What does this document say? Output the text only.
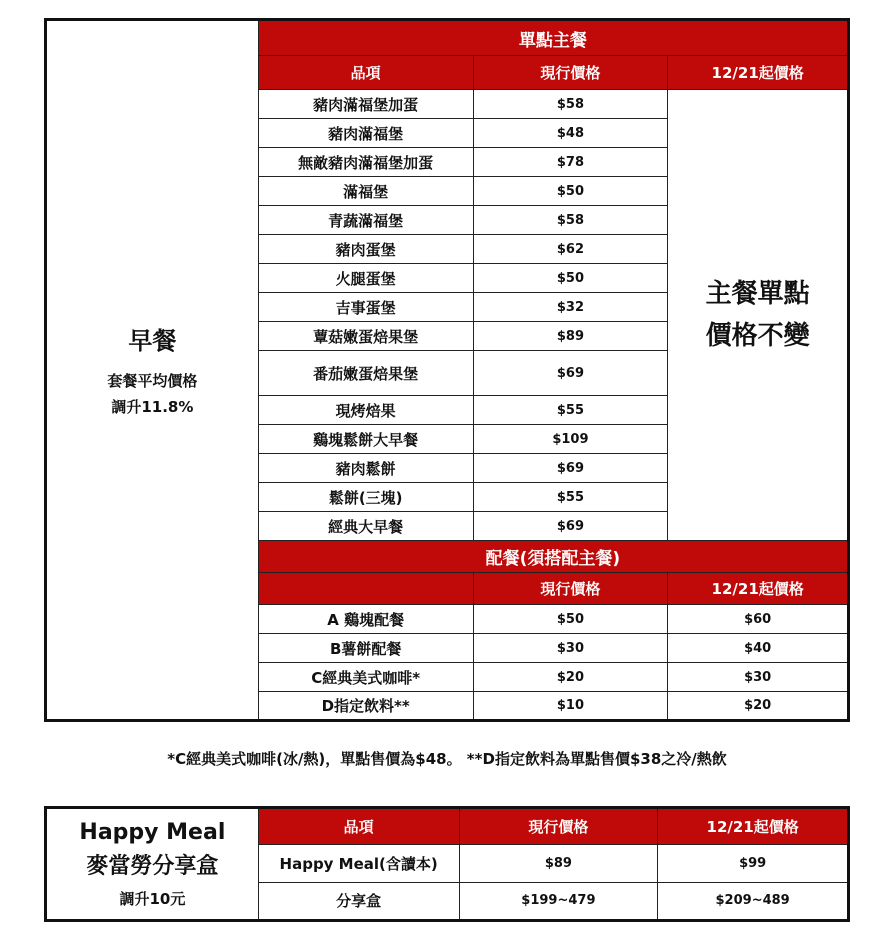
早餐
套餐平均價格
調升11.8%	單點主餐		
	品項	現行價格	12/21起價格
	豬肉滿福堡加蛋	$58	主餐單點
價格不變
	豬肉滿福堡	$48	
	無敵豬肉滿福堡加蛋	$78	
	滿福堡	$50	
	青蔬滿福堡	$58	
	豬肉蛋堡	$62	
	火腿蛋堡	$50	
	吉事蛋堡	$32	
	蕈菇嫩蛋焙果堡	$89	
	番茄嫩蛋焙果堡	$69	
	現烤焙果	$55	
	鷄塊鬆餅大早餐	$109	
	豬肉鬆餅	$69	
	鬆餅(三塊)	$55	
	經典大早餐	$69	
	配餐(須搭配主餐)		
		現行價格	12/21起價格
	A 鷄塊配餐	$50	$60
	B薯餅配餐	$30	$40
	C經典美式咖啡*	$20	$30
	D指定飲料**	$10	$20
*C經典美式咖啡(冰/熱)，單點售價為$48。 **D指定飲料為單點售價$38之冷/熱飲
Happy Meal
麥當勞分享盒
調升10元	品項	現行價格	12/21起價格
	Happy Meal(含讀本)	$89	$99
	分享盒	$199~479	$209~489
